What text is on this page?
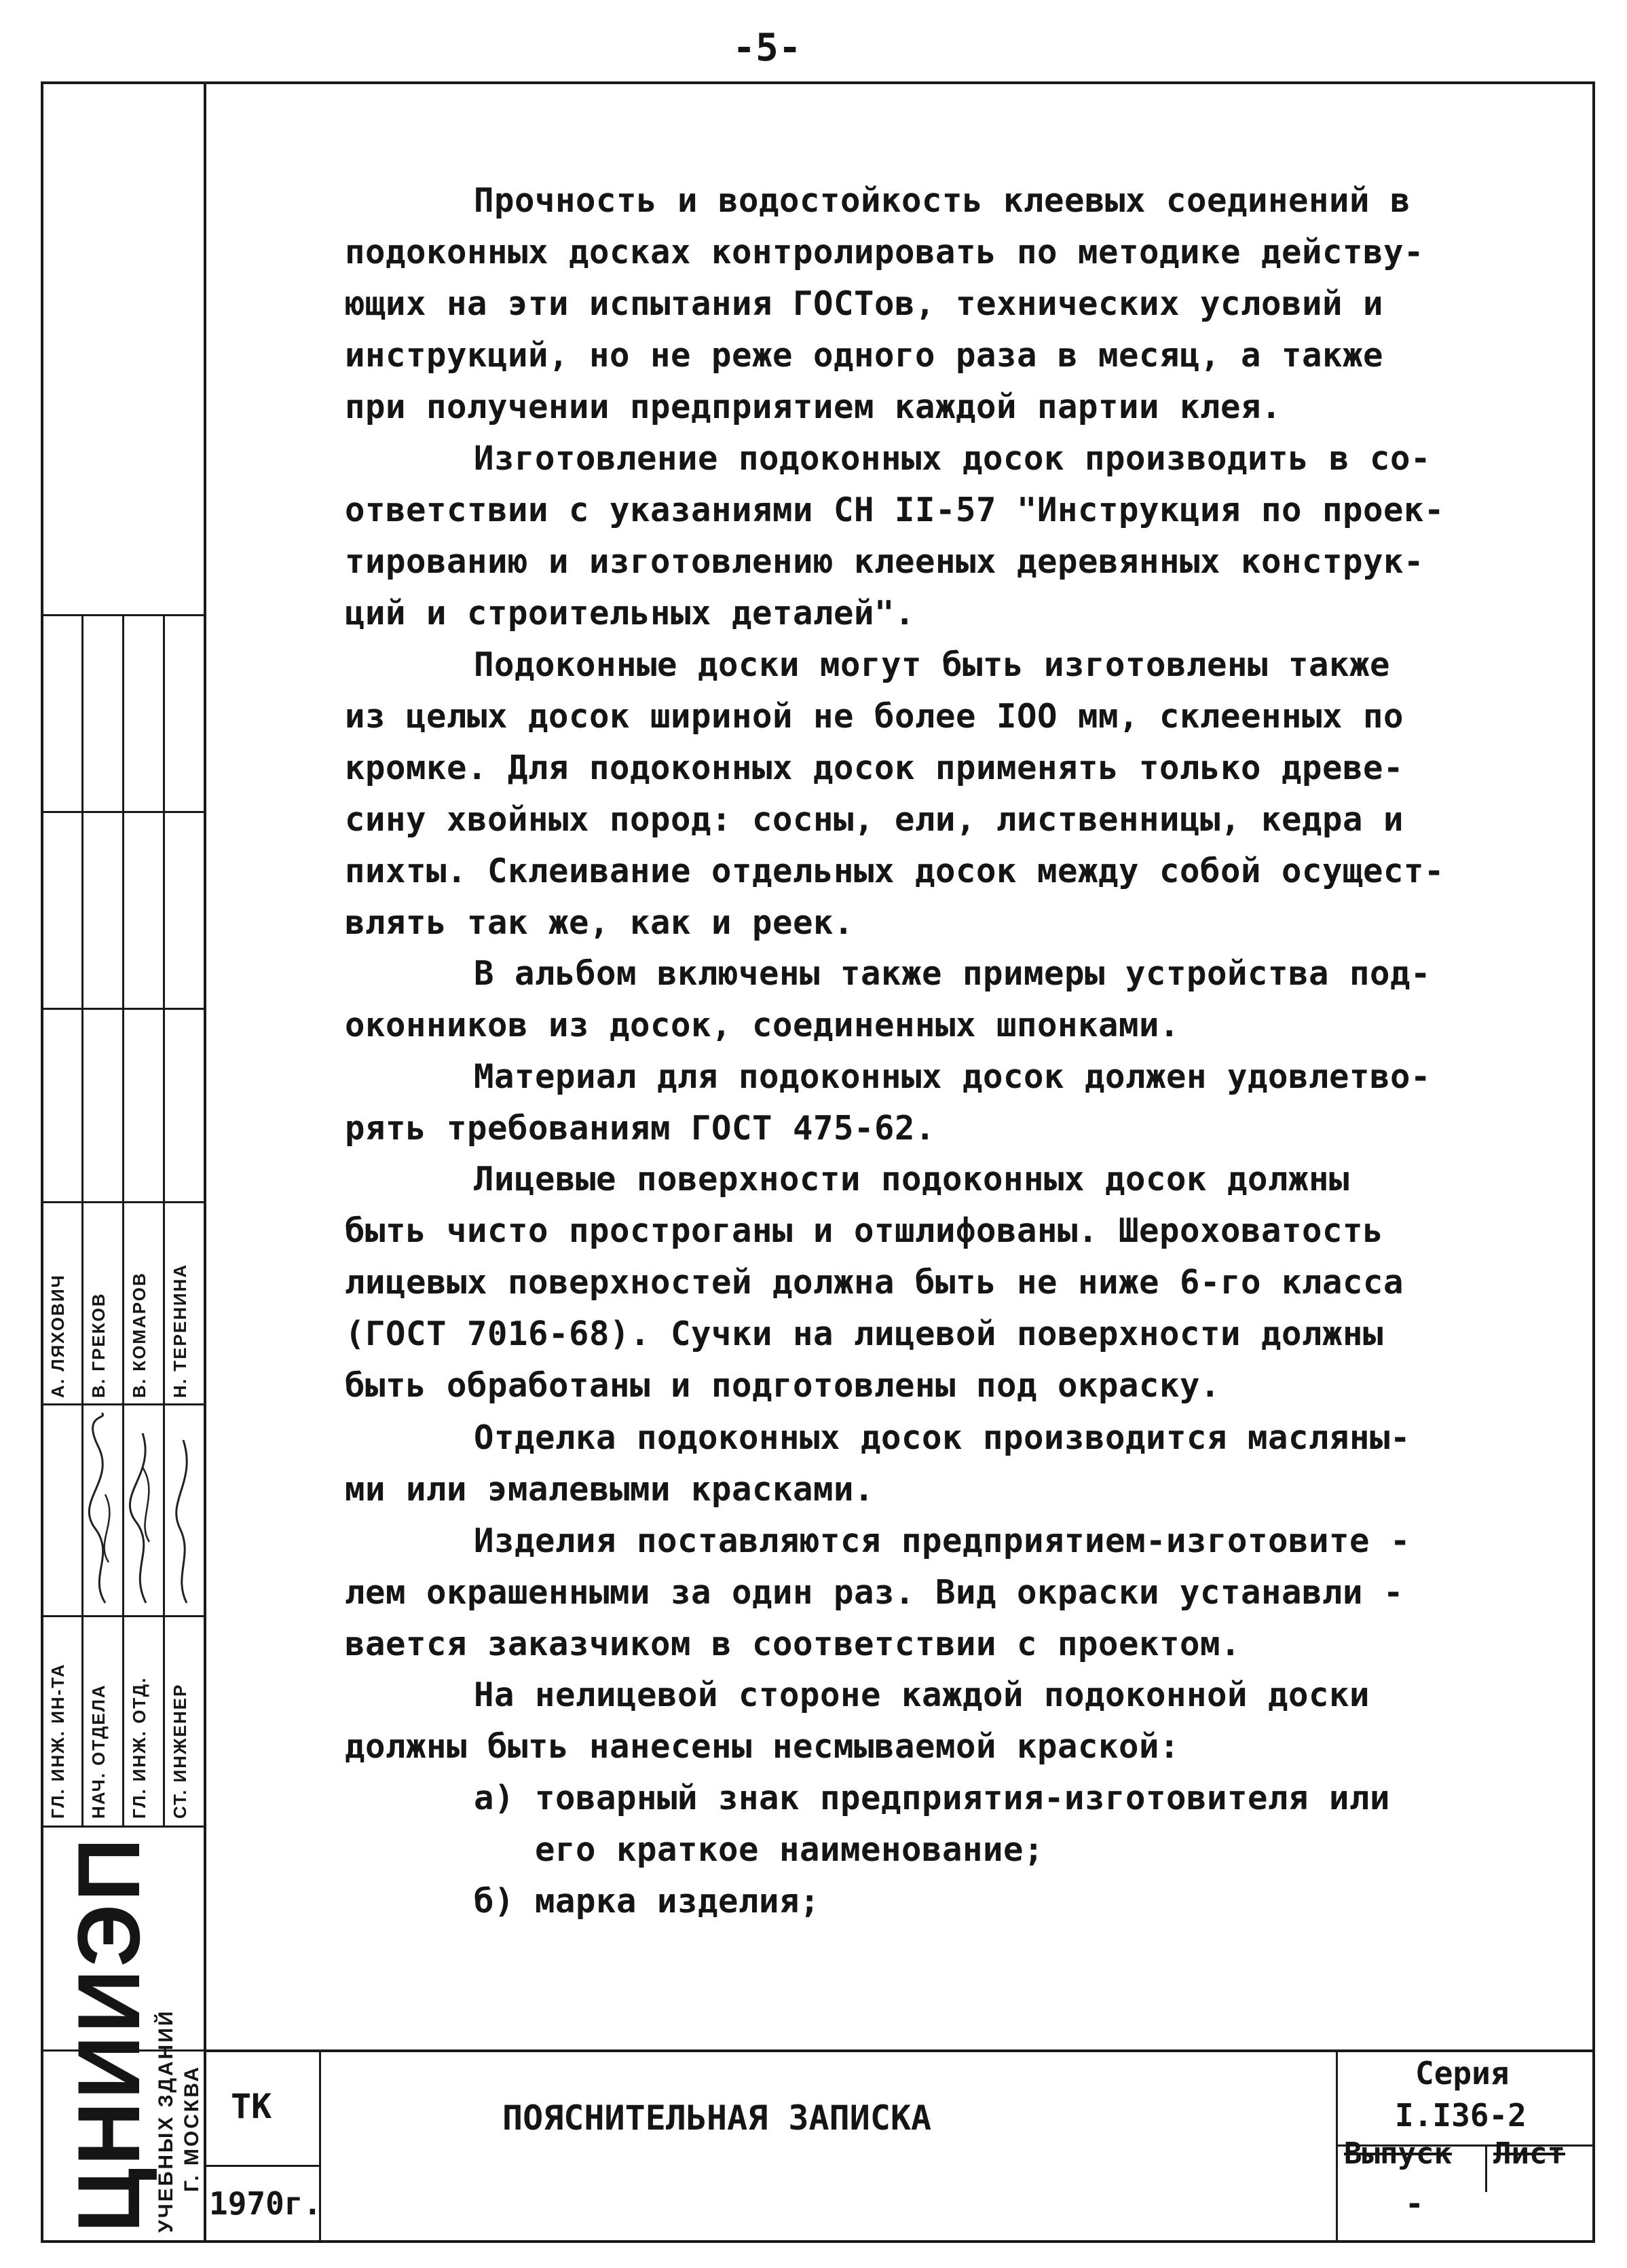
-5-
ГЛ. ИНЖ. ИН-ТА НАЧ. ОТДЕЛА ГЛ. ИНЖ. ОТД. СТ. ИНЖЕНЕР
А. ЛЯХОВИЧ В. ГРЕКОВ В. КОМАРОВ Н. ТЕРЕНИНА
ЦНИИЭП
УЧЕБНЫХ ЗДАНИЙ Г. МОСКВА
Прочность и водостойкость клеевых соединений в
подоконных досках контролировать по методике действу-
ющих на эти испытания ГОСТов, технических условий и
инструкций, но не реже одного раза в месяц, а также
при получении предприятием каждой партии клея.
Изготовление подоконных досок производить в со-
ответствии с указаниями СН II-57 "Инструкция по проек-
тированию и изготовлению клееных деревянных конструк-
ций и строительных деталей".
Подоконные доски могут быть изготовлены также
из целых досок шириной не более IOO мм, склеенных по
кромке. Для подоконных досок применять только древе-
сину хвойных пород: сосны, ели, лиственницы, кедра и
пихты. Склеивание отдельных досок между собой осущест-
влять так же, как и реек.
В альбом включены также примеры устройства под-
оконников из досок, соединенных шпонками.
Материал для подоконных досок должен удовлетво-
рять требованиям ГОСТ 475-62.
Лицевые поверхности подоконных досок должны
быть чисто простроганы и отшлифованы. Шероховатость
лицевых поверхностей должна быть не ниже 6-го класса
(ГОСТ 7016-68). Сучки на лицевой поверхности должны
быть обработаны и подготовлены под окраску.
Отделка подоконных досок производится масляны-
ми или эмалевыми красками.
Изделия поставляются предприятием-изготовите -
лем окрашенными за один раз. Вид окраски устанавли -
вается заказчиком в соответствии с проектом.
На нелицевой стороне каждой подоконной доски
должны быть нанесены несмываемой краской:
а) товарный знак предприятия-изготовителя или
его краткое наименование;
б) марка изделия;
ТК
1970г.
ПОЯСНИТЕЛЬНАЯ ЗАПИСКА
Серия
I.I36-2
Выпуск Лист
-
